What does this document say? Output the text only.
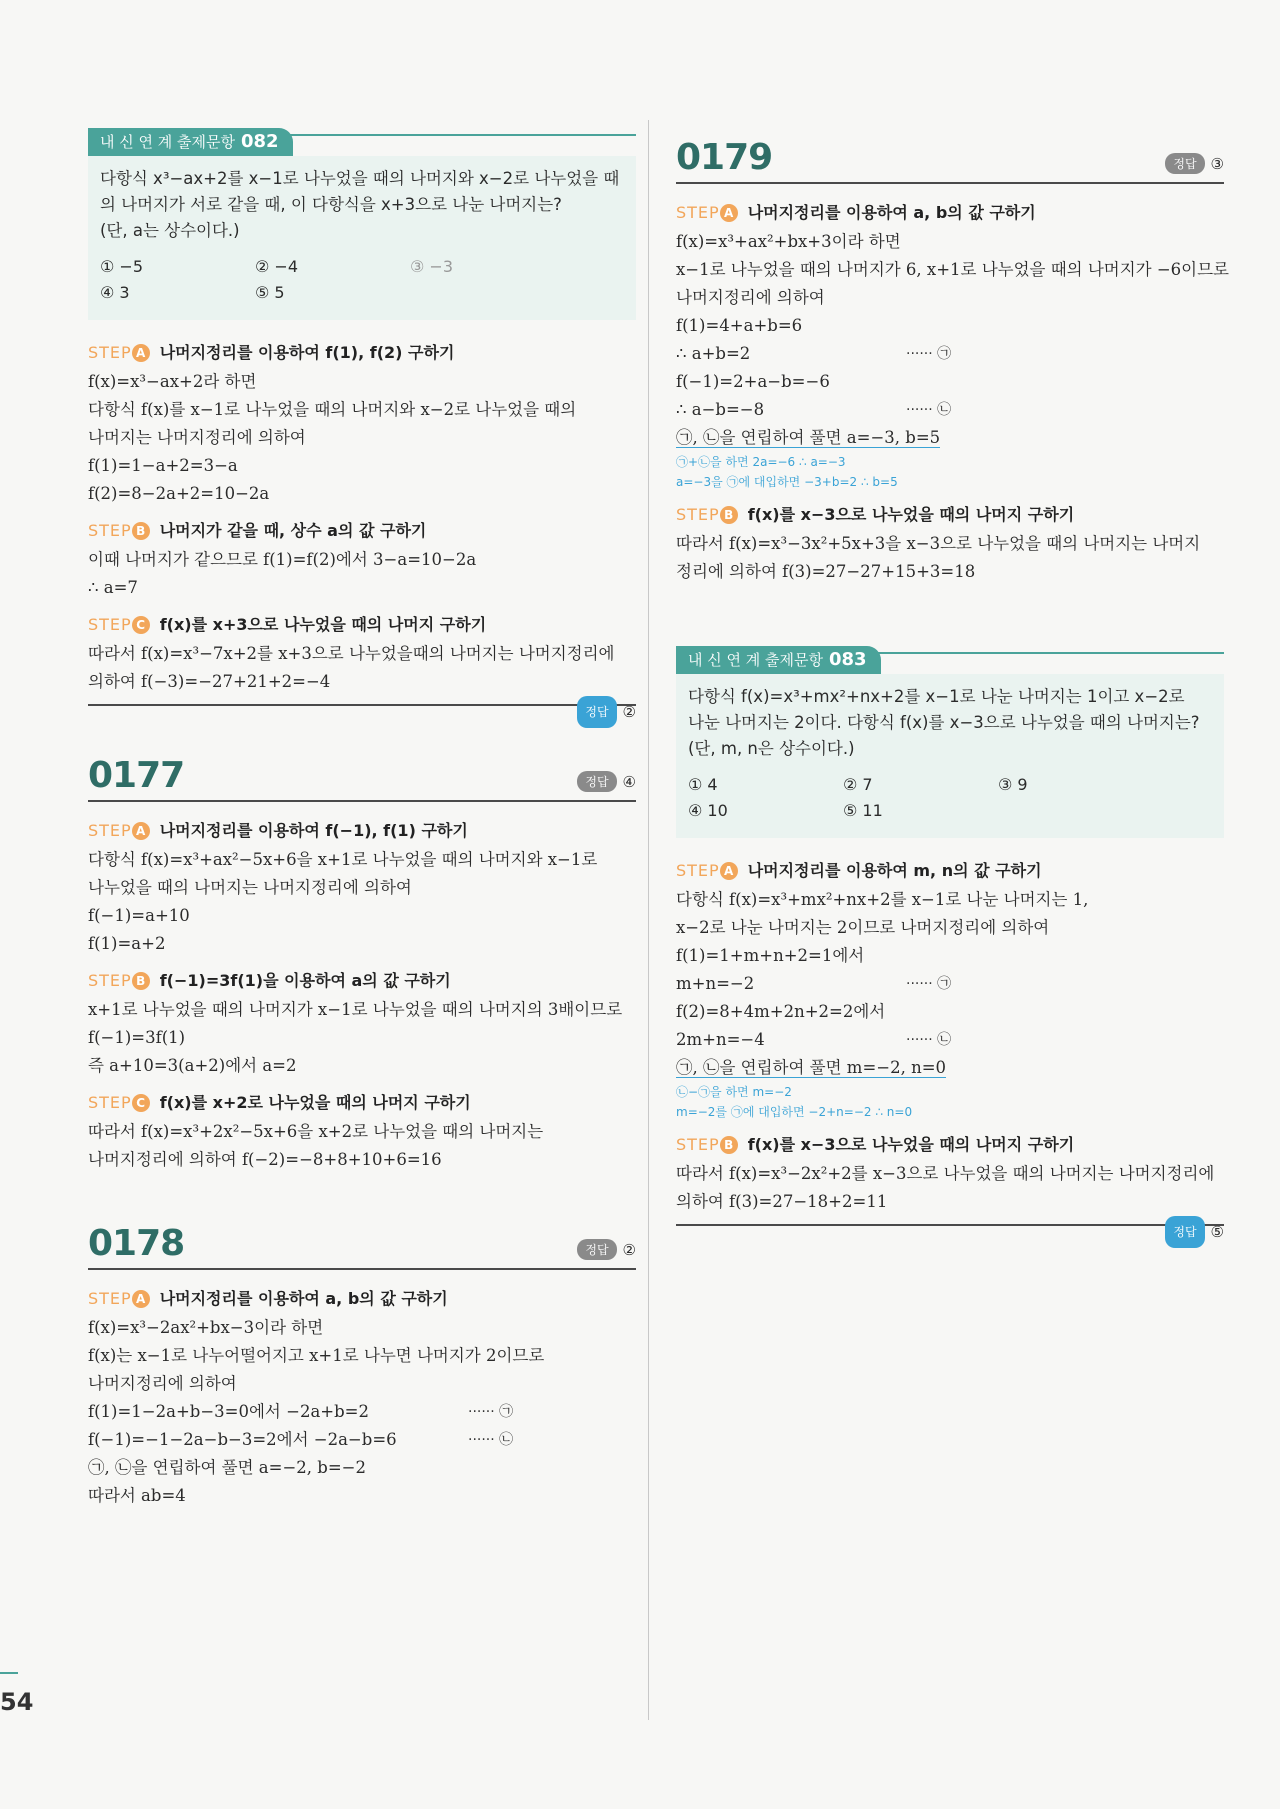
내 신 연 계 출제문항 082
다항식 x³−ax+2를 x−1로 나누었을 때의 나머지와 x−2로 나누었을 때
의 나머지가 서로 같을 때, 이 다항식을 x+3으로 나눈 나머지는?
(단, a는 상수이다.)
① −5	② −4	③ −3
④ 3	⑤ 5
STEP A 나머지정리를 이용하여 f(1), f(2) 구하기
f(x)=x³−ax+2라 하면
다항식 f(x)를 x−1로 나누었을 때의 나머지와 x−2로 나누었을 때의
나머지는 나머지정리에 의하여
f(1)=1−a+2=3−a
f(2)=8−2a+2=10−2a
STEP B 나머지가 같을 때, 상수 a의 값 구하기
이때 나머지가 같으므로 f(1)=f(2)에서 3−a=10−2a
∴ a=7
STEP C f(x)를 x+3으로 나누었을 때의 나머지 구하기
따라서 f(x)=x³−7x+2를 x+3으로 나누었을때의 나머지는 나머지정리에
의하여 f(−3)=−27+21+2=−4
정답 ②
0177	정답 ④
STEP A 나머지정리를 이용하여 f(−1), f(1) 구하기
다항식 f(x)=x³+ax²−5x+6을 x+1로 나누었을 때의 나머지와 x−1로
나누었을 때의 나머지는 나머지정리에 의하여
f(−1)=a+10
f(1)=a+2
STEP B f(−1)=3f(1)을 이용하여 a의 값 구하기
x+1로 나누었을 때의 나머지가 x−1로 나누었을 때의 나머지의 3배이므로
f(−1)=3f(1)
즉 a+10=3(a+2)에서 a=2
STEP C f(x)를 x+2로 나누었을 때의 나머지 구하기
따라서 f(x)=x³+2x²−5x+6을 x+2로 나누었을 때의 나머지는
나머지정리에 의하여 f(−2)=−8+8+10+6=16
0178	정답 ②
STEP A 나머지정리를 이용하여 a, b의 값 구하기
f(x)=x³−2ax²+bx−3이라 하면
f(x)는 x−1로 나누어떨어지고 x+1로 나누면 나머지가 2이므로
나머지정리에 의하여
f(1)=1−2a+b−3=0에서 −2a+b=2	······ ㉠
f(−1)=−1−2a−b−3=2에서 −2a−b=6	······ ㉡
㉠, ㉡을 연립하여 풀면 a=−2, b=−2
따라서 ab=4
0179	정답 ③
STEP A 나머지정리를 이용하여 a, b의 값 구하기
f(x)=x³+ax²+bx+3이라 하면
x−1로 나누었을 때의 나머지가 6, x+1로 나누었을 때의 나머지가 −6이므로
나머지정리에 의하여
f(1)=4+a+b=6
∴ a+b=2	······ ㉠
f(−1)=2+a−b=−6
∴ a−b=−8	······ ㉡
㉠, ㉡을 연립하여 풀면 a=−3, b=5
㉠+㉡을 하면 2a=−6 ∴ a=−3
a=−3을 ㉠에 대입하면 −3+b=2 ∴ b=5
STEP B f(x)를 x−3으로 나누었을 때의 나머지 구하기
따라서 f(x)=x³−3x²+5x+3을 x−3으로 나누었을 때의 나머지는 나머지
정리에 의하여 f(3)=27−27+15+3=18
내 신 연 계 출제문항 083
다항식 f(x)=x³+mx²+nx+2를 x−1로 나눈 나머지는 1이고 x−2로
나눈 나머지는 2이다. 다항식 f(x)를 x−3으로 나누었을 때의 나머지는?
(단, m, n은 상수이다.)
① 4	② 7	③ 9
④ 10	⑤ 11
STEP A 나머지정리를 이용하여 m, n의 값 구하기
다항식 f(x)=x³+mx²+nx+2를 x−1로 나눈 나머지는 1,
x−2로 나눈 나머지는 2이므로 나머지정리에 의하여
f(1)=1+m+n+2=1에서
m+n=−2	······ ㉠
f(2)=8+4m+2n+2=2에서
2m+n=−4	······ ㉡
㉠, ㉡을 연립하여 풀면 m=−2, n=0
㉡−㉠을 하면 m=−2
m=−2를 ㉠에 대입하면 −2+n=−2 ∴ n=0
STEP B f(x)를 x−3으로 나누었을 때의 나머지 구하기
따라서 f(x)=x³−2x²+2를 x−3으로 나누었을 때의 나머지는 나머지정리에
의하여 f(3)=27−18+2=11
정답 ⑤
54
